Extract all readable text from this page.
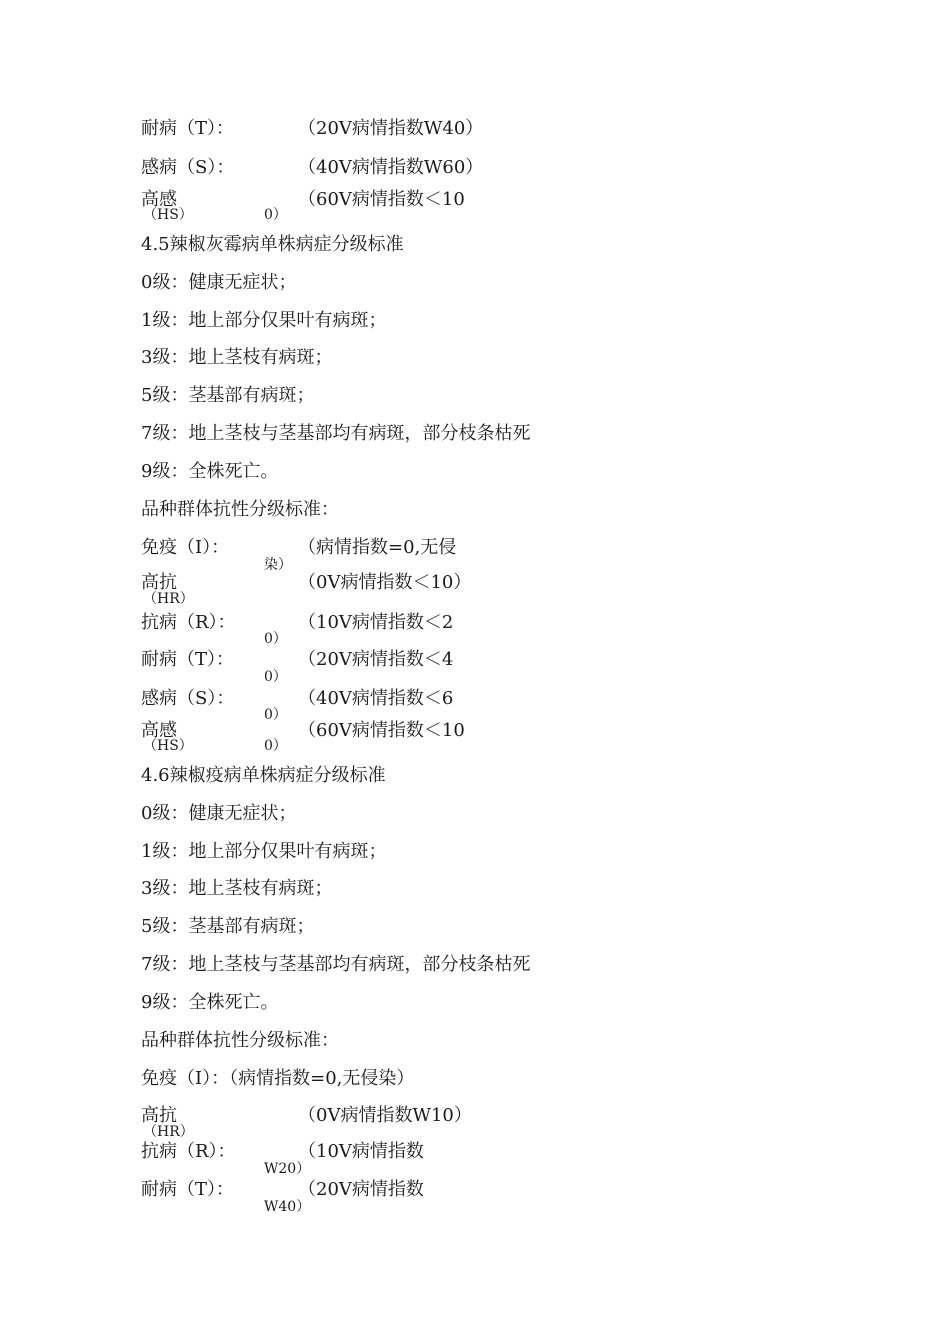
耐病（T）：	（20V病情指数W40）
感病（S）：	（40V病情指数W60）
高感	（60V病情指数＜10
（HS）	0）
4.5辣椒灰霉病单株病症分级标准
0级：健康无症状；
1级：地上部分仅果叶有病斑；
3级：地上茎枝有病斑；
5级：茎基部有病斑；
7级：地上茎枝与茎基部均有病斑，部分枝条枯死
9级：全株死亡。
品种群体抗性分级标准：
免疫（I）：	（病情指数=0,无侵
染）
高抗	（0V病情指数＜10）
（HR）
抗病（R）：	（10V病情指数＜2
0）
耐病（T）：	（20V病情指数＜4
0）
感病（S）：	（40V病情指数＜6
0）
高感	（60V病情指数＜10
（HS）	0）
4.6辣椒疫病单株病症分级标准
0级：健康无症状；
1级：地上部分仅果叶有病斑；
3级：地上茎枝有病斑；
5级：茎基部有病斑；
7级：地上茎枝与茎基部均有病斑，部分枝条枯死
9级：全株死亡。
品种群体抗性分级标准：
免疫（I）：（病情指数=0,无侵染）
高抗	（0V病情指数W10）
（HR）
抗病（R）：	（10V病情指数
W20）
耐病（T）：	（20V病情指数
W40）
